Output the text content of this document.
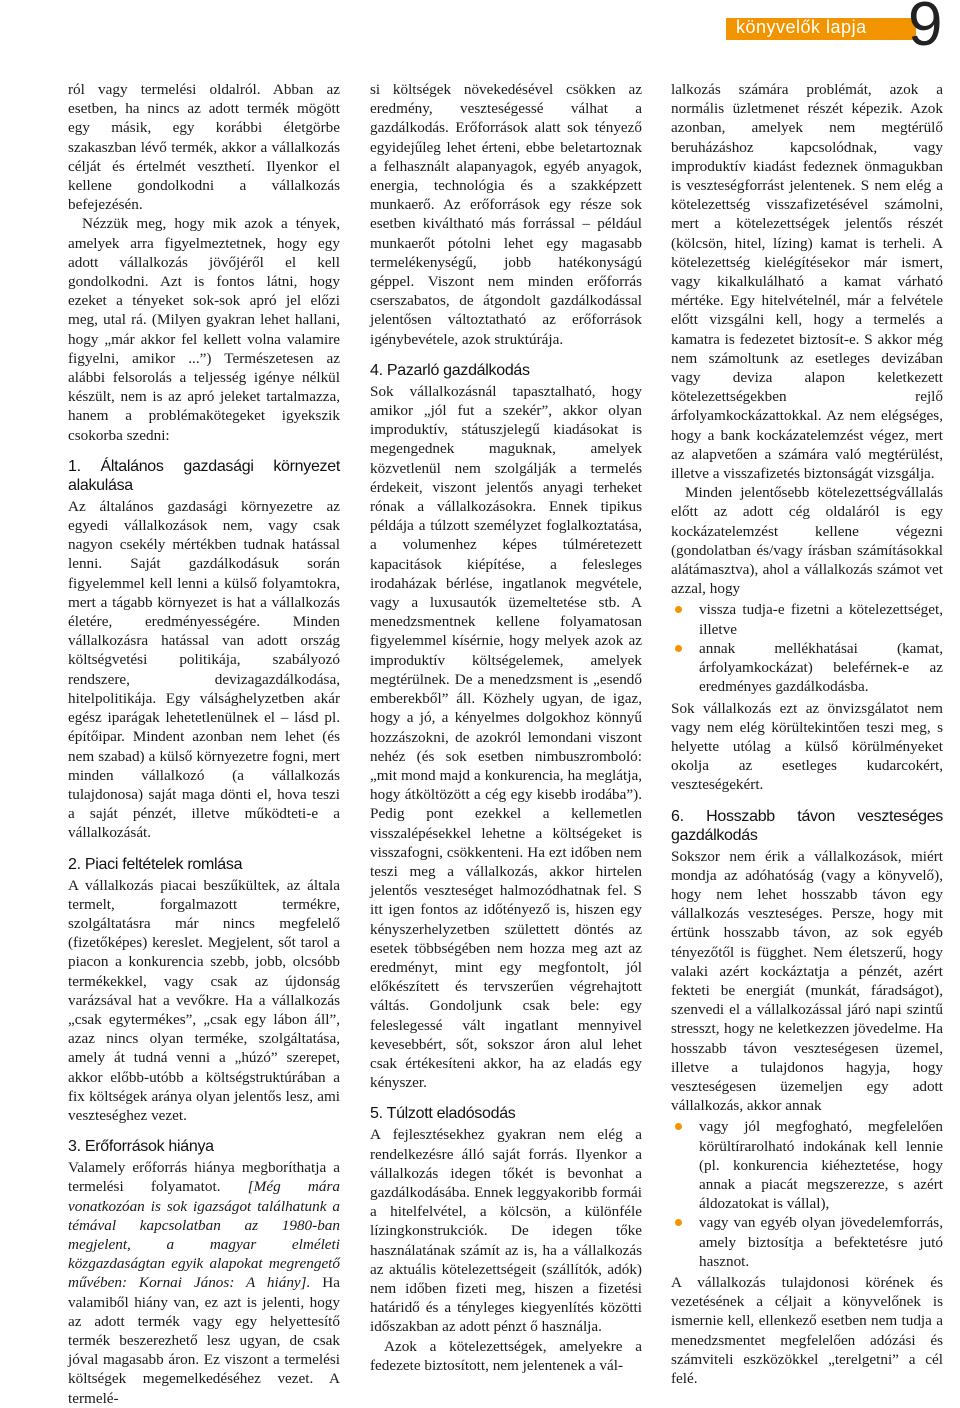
könyvelők lapja 9

ról vagy termelési oldalról. Abban az esetben, ha nincs az adott termék mögött egy másik, egy korábbi életgörbe szakaszban lévő termék, akkor a vállalkozás célját és értelmét veszthetí. Ilyenkor el kellene gondolkodni a vállalkozás befejezésén.

Nézzük meg, hogy mik azok a tények, amelyek arra figyelmeztetnek, hogy egy adott vállalkozás jövőjéről el kell gondolkodni. Azt is fontos látni, hogy ezeket a tényeket sok-sok apró jel előzi meg, utal rá. (Milyen gyakran lehet hallani, hogy „már akkor fel kellett volna valamire figyelni, amikor ...”) Természetesen az alábbi felsorolás a teljesség igénye nélkül készült, nem is az apró jeleket tartalmazza, hanem a problémakötegeket igyekszik csokorba szedni:

1. Általános gazdasági környezet alakulása

Az általános gazdasági környezetre az egyedi vállalkozások nem, vagy csak nagyon csekély mértékben tudnak hatással lenni. Saját gazdálkodásuk során figyelemmel kell lenni a külső folyamtokra, mert a tágabb környezet is hat a vállalkozás életére, eredményességére. Minden vállalkozásra hatással van adott ország költségvetési politikája, szabályozó rendszere, devizagazdálkodása, hitelpolitikája. Egy válsághelyzetben akár egész iparágak lehetetlenülnek el – lásd pl. építőipar. Mindent azonban nem lehet (és nem szabad) a külső környezetre fogni, mert minden vállalkozó (a vállalkozás tulajdonosa) saját maga dönti el, hova teszi a saját pénzét, illetve működteti-e a vállalkozását.

2. Piaci feltételek romlása

A vállalkozás piacai beszűkültek, az általa termelt, forgalmazott termékre, szolgáltatásra már nincs megfelelő (fizetőképes) kereslet. Megjelent, sőt tarol a piacon a konkurencia szebb, jobb, olcsóbb termékekkel, vagy csak az újdonság varázsával hat a vevőkre. Ha a vállalkozás „csak egytermékes”, „csak egy lábon áll”, azaz nincs olyan terméke, szolgáltatása, amely át tudná venni a „húzó” szerepet, akkor előbb-utóbb a költségstruktúrában a fix költségek aránya olyan jelentős lesz, ami veszteséghez vezet.

3. Erőforrások hiánya

Valamely erőforrás hiánya megboríthatja a termelési folyamatot. [Még mára vonatkozóan is sok igazságot találhatunk a témával kapcsolatban az 1980-ban megjelent, a magyar elméleti közgazdaságtan egyik alapokat megrengető művében: Kornai János: A hiány]. Ha valamiből hiány van, ez azt is jelenti, hogy az adott termék vagy egy helyettesítő termék beszerezhető lesz ugyan, de csak jóval magasabb áron. Ez viszont a termelési költségek megemelkedéséhez vezet. A termelé-

si költségek növekedésével csökken az eredmény, veszteségessé válhat a gazdálkodás. Erőforrások alatt sok tényező egyidejűleg lehet érteni, ebbe beletartoznak a felhasznált alapanyagok, egyéb anyagok, energia, technológia és a szakképzett munkaerő. Az erőforrások egy része sok esetben kiváltható más forrással – például munkaerőt pótolni lehet egy magasabb termelékenységű, jobb hatékonyságú géppel. Viszont nem minden erőforrás cserszabatos, de átgondolt gazdálkodással jelentősen változtatható az erőforrások igénybevétele, azok struktúrája.

4. Pazarló gazdálkodás

Sok vállalkozásnál tapasztalható, hogy amikor „jól fut a szekér”, akkor olyan improduktív, státuszjelegű kiadásokat is megengednek maguknak, amelyek közvetlenül nem szolgálják a termelés érdekeit, viszont jelentős anyagi terheket rónak a vállalkozásokra. Ennek tipikus példája a túlzott személyzet foglalkoztatása, a volumenhez képes túlméretezett kapacitások kiépítése, a felesleges irodaházak bérlése, ingatlanok megvétele, vagy a luxusautók üzemeltetése stb. A menedzsmentnek kellene folyamatosan figyelemmel kísérnie, hogy melyek azok az improduktív költségelemek, amelyek megtérülnek. De a menedzsment is „esendő emberekből” áll. Közhely ugyan, de igaz, hogy a jó, a kényelmes dolgokhoz könnyű hozzászokni, de azokról lemondani viszont nehéz (és sok esetben nimbuszromboló: „mit mond majd a konkurencia, ha meglátja, hogy átköltözött a cég egy kisebb irodába”). Pedig pont ezekkel a kellemetlen visszalépésekkel lehetne a költségeket is visszafogni, csökkenteni. Ha ezt időben nem teszi meg a vállalkozás, akkor hirtelen jelentős veszteséget halmozódhatnak fel. S itt igen fontos az időtényező is, hiszen egy kényszerhelyzetben születtett döntés az esetek többségében nem hozza meg azt az eredményt, mint egy megfontolt, jól előkészített és tervszerűen végrehajtott váltás. Gondoljunk csak bele: egy feleslegessé vált ingatlant mennyivel kevesebbért, sőt, sokszor áron alul lehet csak értékesíteni akkor, ha az eladás egy kényszer.

5. Túlzott eladósodás

A fejlesztésekhez gyakran nem elég a rendelkezésre álló saját forrás. Ilyenkor a vállalkozás idegen tőkét is bevonhat a gazdálkodásába. Ennek leggyakoribb formái a hitelfelvétel, a kölcsön, a különféle lízingkonstrukciók. De idegen tőke használatának számít az is, ha a vállalkozás az aktuális kötelezettségeit (szállítók, adók) nem időben fizeti meg, hiszen a fizetési határidő és a tényleges kiegyenlítés közötti időszakban az adott pénzt ő használja.

Azok a kötelezettségek, amelyekre a fedezete biztosított, nem jelentenek a vál-

lalkozás számára problémát, azok a normális üzletmenet részét képezik. Azok azonban, amelyek nem megtérülő beruházáshoz kapcsolódnak, vagy improduktív kiadást fedeznek önmagukban is veszteségforrást jelentenek. S nem elég a kötelezettség visszafizetésével számolni, mert a kötelezettségek jelentős részét (kölcsön, hitel, lízing) kamat is terheli. A kötelezettség kielégítésekor már ismert, vagy kikalkulálható a kamat várható mértéke. Egy hitelvételnél, már a felvétele előtt vizsgálni kell, hogy a termelés a kamatra is fedezetet biztosít-e. S akkor még nem számoltunk az esetleges devizában vagy deviza alapon keletkezett kötelezettségekben rejlő árfolyamkockázattokkal. Az nem elégséges, hogy a bank kockázatelemzést végez, mert az alapvetően a számára való megtérülést, illetve a visszafizetés biztonságát vizsgálja.

Minden jelentősebb kötelezettségvállalás előtt az adott cég oldaláról is egy kockázatelemzést kellene végezni (gondolatban és/vagy írásban számításokkal alátámasztva), ahol a vállalkozás számot vet azzal, hogy

vissza tudja-e fizetni a kötelezettséget, illetve
annak mellékhatásai (kamat, árfolyamkockázat) beleférnek-e az eredményes gazdálkodásba.

Sok vállalkozás ezt az önvizsgálatot nem vagy nem elég körültekintően teszi meg, s helyette utólag a külső körülményeket okolja az esetleges kudarcokért, veszteségekért.

6. Hosszabb távon veszteséges gazdálkodás

Sokszor nem érik a vállalkozások, miért mondja az adóhatóság (vagy a könyvelő), hogy nem lehet hosszabb távon egy vállalkozás veszteséges. Persze, hogy mit értünk hosszabb távon, az sok egyéb tényezőtől is függhet. Nem életszerű, hogy valaki azért kockáztatja a pénzét, azért fekteti be energiát (munkát, fáradságot), szenvedi el a vállalkozással járó napi szintű stresszt, hogy ne keletkezzen jövedelme. Ha hosszabb távon veszteségesen üzemel, illetve a tulajdonos hagyja, hogy veszteségesen üzemeljen egy adott vállalkozás, akkor annak

vagy jól megfogható, megfelelően körültírarolható indokának kell lennie (pl. konkurencia kiéheztetése, hogy annak a piacát megszerezze, s azért áldozatokat is vállal),
vagy van egyéb olyan jövedelemforrás, amely biztosítja a befektetésre jutó hasznot.

A vállalkozás tulajdonosi körének és vezetésének a céljait a könyvelőnek is ismernie kell, ellenkező esetben nem tudja a menedzsmentet megfelelően adózási és számviteli eszközökkel „terelgetni” a cél felé.
